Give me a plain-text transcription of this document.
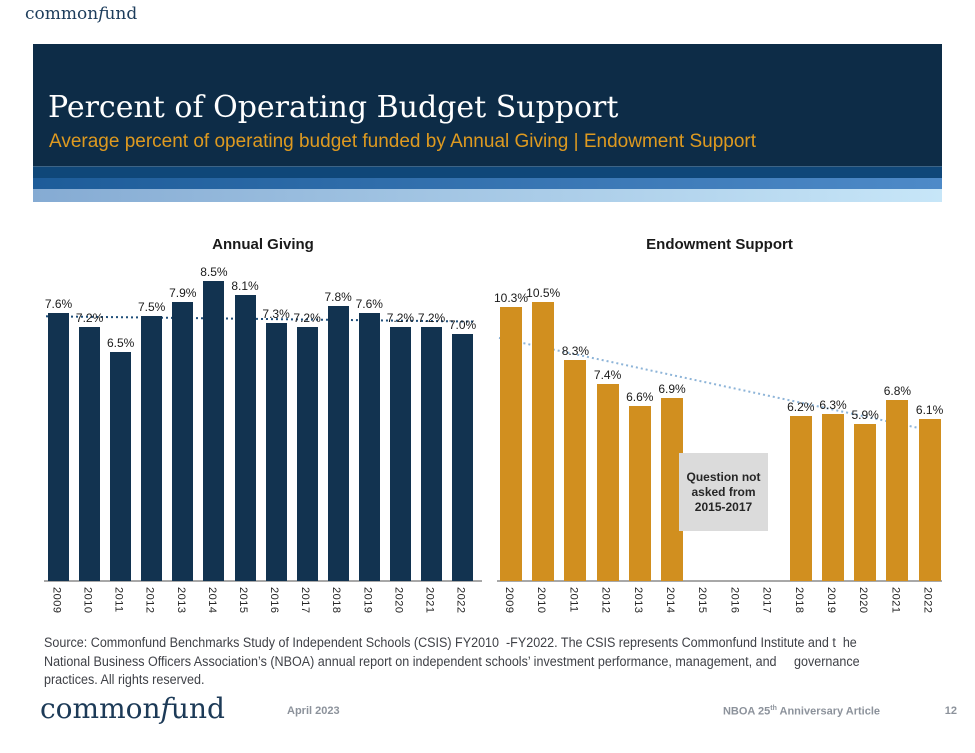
commonfund
Percent of Operating Budget Support
Average percent of operating budget funded by Annual Giving | Endowment Support
Annual Giving
7.6%
7.2%
6.5%
7.5%
7.9%
8.5%
8.1%
7.3% 7.2%
7.8% 7.6%
7.2% 7.2% 7.0%
2009 2010 2011 2012 2013 2014 2015 2016 2017 2018 2019 2020 2021 2022
Endowment Support
10.3%
10.5%
8.3%
7.4%
6.6%
6.9%
6.2% 6.3%
5.9%
6.8%
6.1%
2009 2010 2011 2012 2013 2014 2015 2016 2017 2018 2019 2020 2021 2022
Question not asked from 2015-2017
Source: Commonfund Benchmarks Study of Independent Schools (CSIS) FY2010  -FY2022. The CSIS represents Commonfund Institute and t  he
National Business Officers Association’s (NBOA) annual report on independent schools’ investment performance, management, and     governance
practices. All rights reserved.
commonfund	April 2023	NBOA 25th Anniversary Article	12
